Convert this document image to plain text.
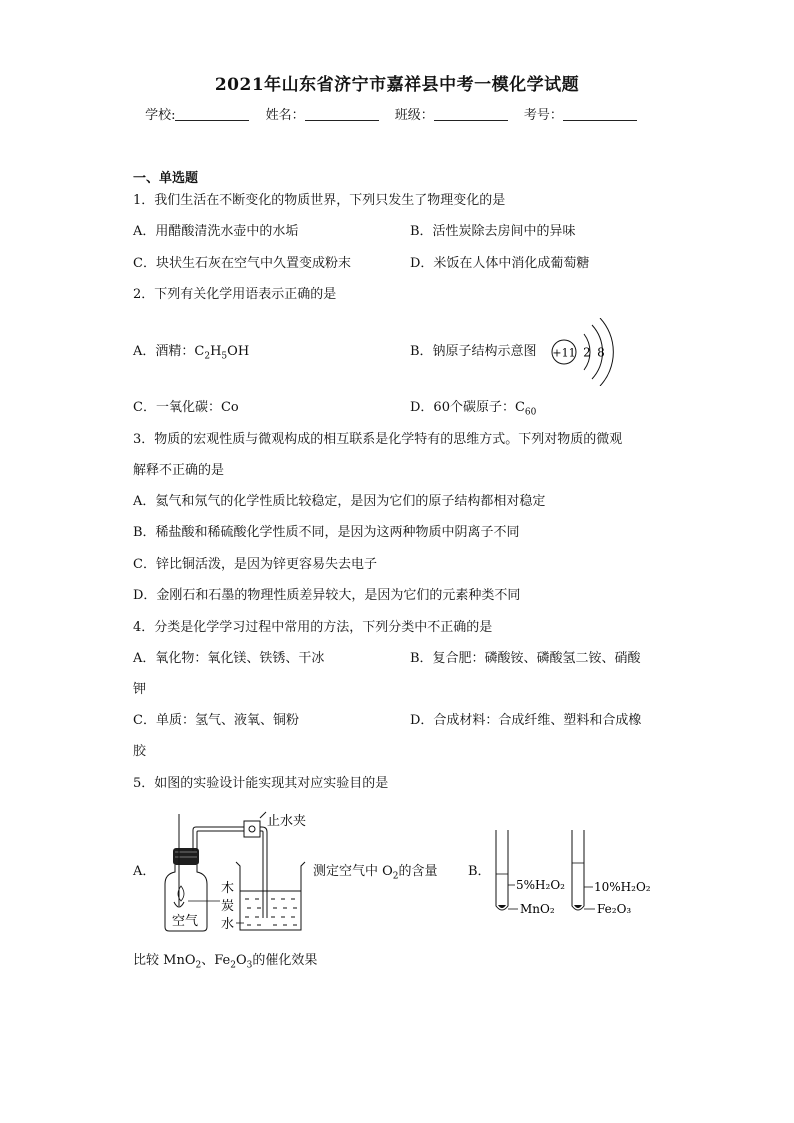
2021年山东省济宁市嘉祥县中考一模化学试题
学校:	姓名：	班级：	考号：
一、单选题
1．我们生活在不断变化的物质世界，下列只发生了物理变化的是
A．用醋酸清洗水壶中的水垢	B．活性炭除去房间中的异味
C．块状生石灰在空气中久置变成粉末	D．米饭在人体中消化成葡萄糖
2．下列有关化学用语表示正确的是
A．酒精：$C_2H_5OH$	B．钠原子结构示意图 +11 2 8
C．一氧化碳：Co	D．60个碳原子：$C_{60}$
3．物质的宏观性质与微观构成的相互联系是化学特有的思维方式。下列对物质的微观
解释不正确的是
A．氦气和氖气的化学性质比较稳定，是因为它们的原子结构都相对稳定
B．稀盐酸和稀硫酸化学性质不同，是因为这两种物质中阴离子不同
C．锌比铜活泼，是因为锌更容易失去电子
D．金刚石和石墨的物理性质差异较大，是因为它们的元素种类不同
4．分类是化学学习过程中常用的方法，下列分类中不正确的是
A．氧化物：氧化镁、铁锈、干冰	B．复合肥：磷酸铵、磷酸氢二铵、硝酸
钾
C．单质：氢气、液氧、铜粉	D．合成材料：合成纤维、塑料和合成橡
胶
5．如图的实验设计能实现其对应实验目的是
A．
止水夹
木
炭
水
空气
测定空气中 $O_2$的含量 B．
5%H₂O₂
MnO₂
10%H₂O₂
Fe₂O₃
比较 MnO$_2$、$Fe_2O_3$的催化效果
